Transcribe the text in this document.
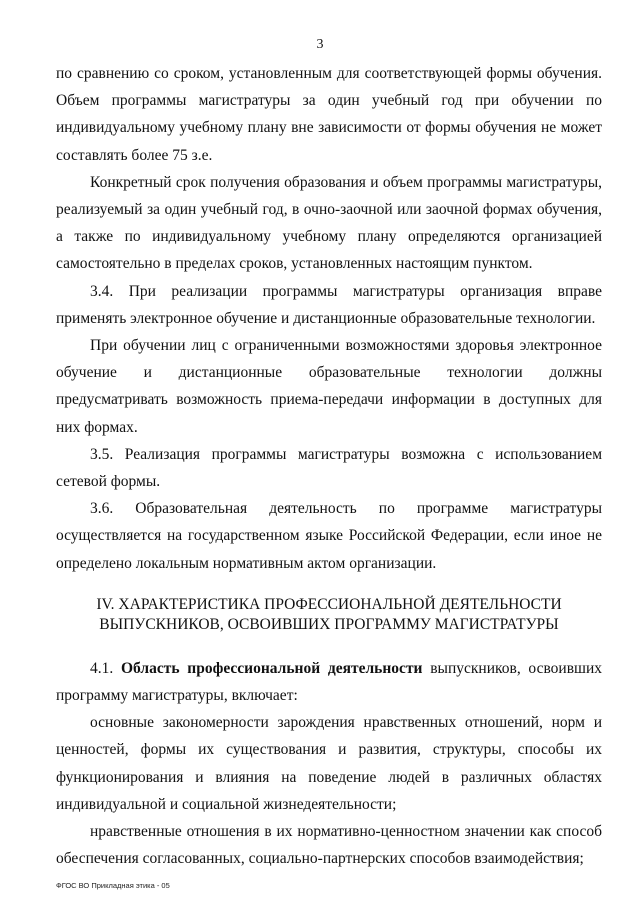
3

по сравнению со сроком, установленным для соответствующей формы обучения. Объем программы магистратуры за один учебный год при обучении по индивидуальному учебному плану вне зависимости от формы обучения не может составлять более 75 з.е.

Конкретный срок получения образования и объем программы магистратуры, реализуемый за один учебный год, в очно-заочной или заочной формах обучения, а также по индивидуальному учебному плану определяются организацией самостоятельно в пределах сроков, установленных настоящим пунктом.

3.4. При реализации программы магистратуры организация вправе применять электронное обучение и дистанционные образовательные технологии.

При обучении лиц с ограниченными возможностями здоровья электронное обучение и дистанционные образовательные технологии должны предусматривать возможность приема-передачи информации в доступных для них формах.

3.5. Реализация программы магистратуры возможна с использованием сетевой формы.

3.6. Образовательная деятельность по программе магистратуры осуществляется на государственном языке Российской Федерации, если иное не определено локальным нормативным актом организации.

IV. ХАРАКТЕРИСТИКА ПРОФЕССИОНАЛЬНОЙ ДЕЯТЕЛЬНОСТИ
ВЫПУСКНИКОВ, ОСВОИВШИХ ПРОГРАММУ МАГИСТРАТУРЫ

4.1. Область профессиональной деятельности выпускников, освоивших программу магистратуры, включает:

основные закономерности зарождения нравственных отношений, норм и ценностей, формы их существования и развития, структуры, способы их функционирования и влияния на поведение людей в различных областях индивидуальной и социальной жизнедеятельности;

нравственные отношения в их нормативно-ценностном значении как способ обеспечения согласованных, социально-партнерских способов взаимодействия;

ФГОС ВО Прикладная этика - 05
